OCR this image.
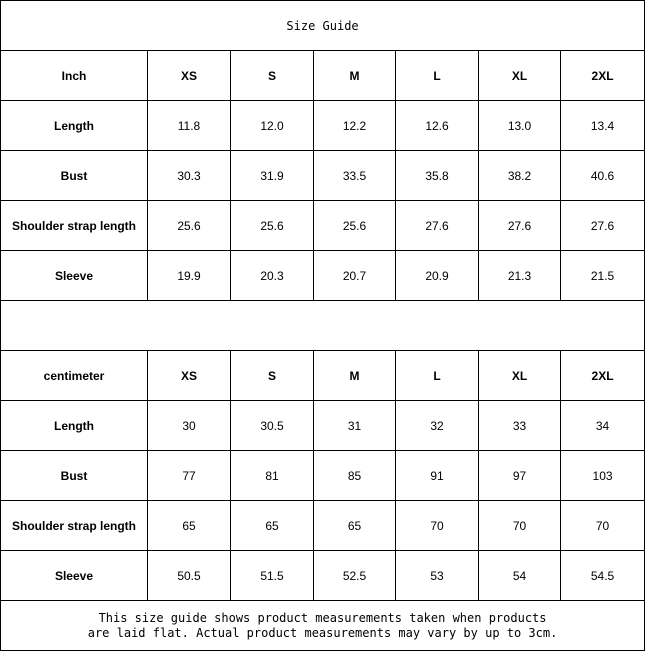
Size Guide						
Inch	XS	S	M	L	XL	2XL
Length	11.8	12.0	12.2	12.6	13.0	13.4
Bust	30.3	31.9	33.5	35.8	38.2	40.6
Shoulder strap length	25.6	25.6	25.6	27.6	27.6	27.6
Sleeve	19.9	20.3	20.7	20.9	21.3	21.5

centimeter	XS	S	M	L	XL	2XL
Length	30	30.5	31	32	33	34
Bust	77	81	85	91	97	103
Shoulder strap length	65	65	65	70	70	70
Sleeve	50.5	51.5	52.5	53	54	54.5

This size guide shows product measurements taken when products
are laid flat. Actual product measurements may vary by up to 3cm.						
